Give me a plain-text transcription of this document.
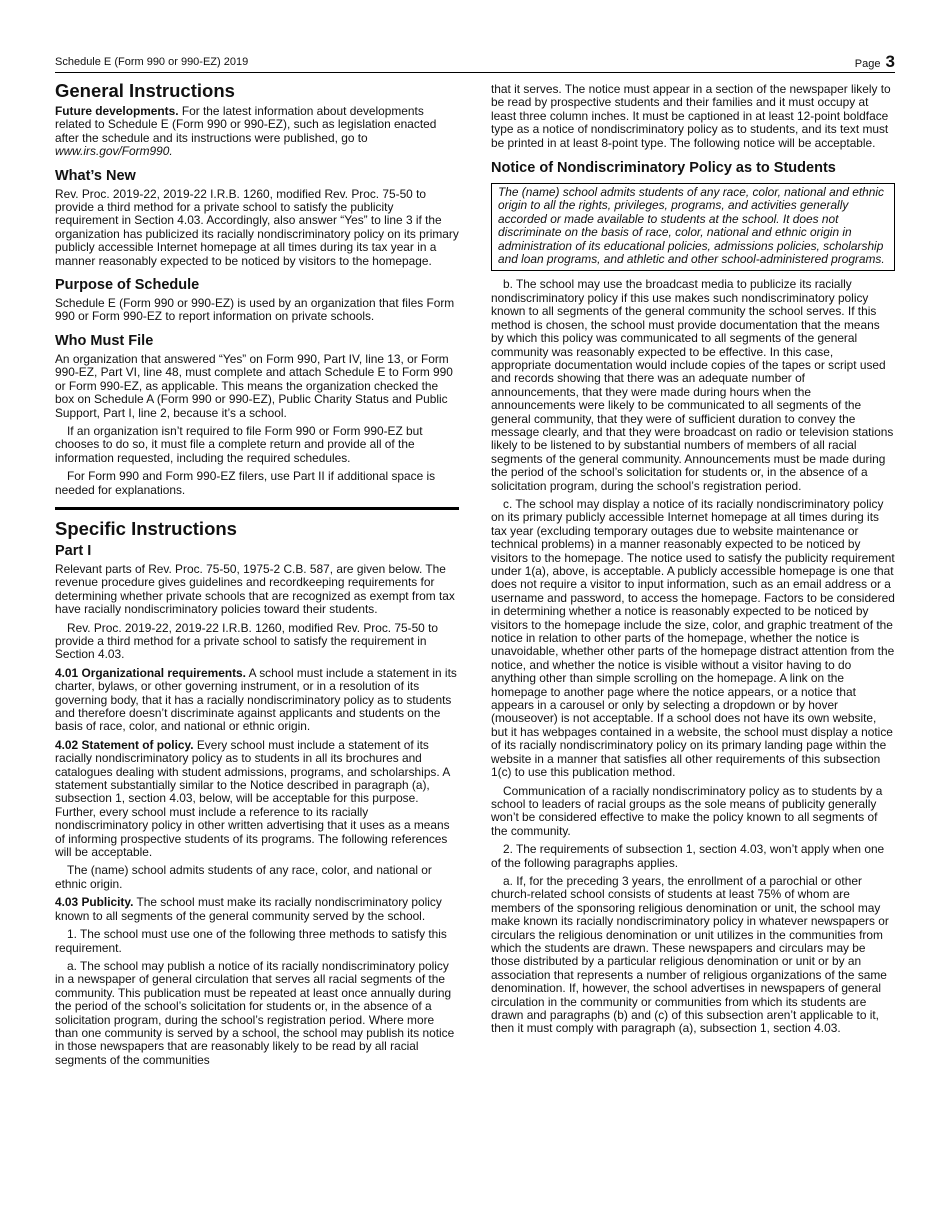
Schedule E (Form 990 or 990-EZ) 2019	Page 3
General Instructions

Future developments. For the latest information about developments related to Schedule E (Form 990 or 990-EZ), such as legislation enacted after the schedule and its instructions were published, go to www.irs.gov/Form990.

What’s New

Rev. Proc. 2019-22, 2019-22 I.R.B. 1260, modified Rev. Proc. 75-50 to provide a third method for a private school to satisfy the publicity requirement in Section 4.03. Accordingly, also answer “Yes” to line 3 if the organization has publicized its racially nondiscriminatory policy on its primary publicly accessible Internet homepage at all times during its tax year in a manner reasonably expected to be noticed by visitors to the homepage.

Purpose of Schedule

Schedule E (Form 990 or 990-EZ) is used by an organization that files Form 990 or Form 990-EZ to report information on private schools.

Who Must File

An organization that answered “Yes” on Form 990, Part IV, line 13, or Form 990-EZ, Part VI, line 48, must complete and attach Schedule E to Form 990 or Form 990-EZ, as applicable. This means the organization checked the box on Schedule A (Form 990 or 990-EZ), Public Charity Status and Public Support, Part I, line 2, because it’s a school.

If an organization isn’t required to file Form 990 or Form 990-EZ but chooses to do so, it must file a complete return and provide all of the information requested, including the required schedules.

For Form 990 and Form 990-EZ filers, use Part II if additional space is needed for explanations.

Specific Instructions
Part I

Relevant parts of Rev. Proc. 75-50, 1975-2 C.B. 587, are given below. The revenue procedure gives guidelines and recordkeeping requirements for determining whether private schools that are recognized as exempt from tax have racially nondiscriminatory policies toward their students.

Rev. Proc. 2019-22, 2019-22 I.R.B. 1260, modified Rev. Proc. 75-50 to provide a third method for a private school to satisfy the requirement in Section 4.03.

4.01 Organizational requirements. A school must include a statement in its charter, bylaws, or other governing instrument, or in a resolution of its governing body, that it has a racially nondiscriminatory policy as to students and therefore doesn’t discriminate against applicants and students on the basis of race, color, and national or ethnic origin.

4.02 Statement of policy. Every school must include a statement of its racially nondiscriminatory policy as to students in all its brochures and catalogues dealing with student admissions, programs, and scholarships. A statement substantially similar to the Notice described in paragraph (a), subsection 1, section 4.03, below, will be acceptable for this purpose. Further, every school must include a reference to its racially nondiscriminatory policy in other written advertising that it uses as a means of informing prospective students of its programs. The following references will be acceptable.

The (name) school admits students of any race, color, and national or ethnic origin.

4.03 Publicity. The school must make its racially nondiscriminatory policy known to all segments of the general community served by the school.

1. The school must use one of the following three methods to satisfy this requirement.

a. The school may publish a notice of its racially nondiscriminatory policy in a newspaper of general circulation that serves all racial segments of the community. This publication must be repeated at least once annually during the period of the school’s solicitation for students or, in the absence of a solicitation program, during the school’s registration period. Where more than one community is served by a school, the school may publish its notice in those newspapers that are reasonably likely to be read by all racial segments of the communities

that it serves. The notice must appear in a section of the newspaper likely to be read by prospective students and their families and it must occupy at least three column inches. It must be captioned in at least 12-point boldface type as a notice of nondiscriminatory policy as to students, and its text must be printed in at least 8-point type. The following notice will be acceptable.

Notice of Nondiscriminatory Policy as to Students
The (name) school admits students of any race, color, national and ethnic origin to all the rights, privileges, programs, and activities generally accorded or made available to students at the school. It does not discriminate on the basis of race, color, national and ethnic origin in administration of its educational policies, admissions policies, scholarship and loan programs, and athletic and other school-administered programs.

b. The school may use the broadcast media to publicize its racially nondiscriminatory policy if this use makes such nondiscriminatory policy known to all segments of the general community the school serves. If this method is chosen, the school must provide documentation that the means by which this policy was communicated to all segments of the general community was reasonably expected to be effective. In this case, appropriate documentation would include copies of the tapes or script used and records showing that there was an adequate number of announcements, that they were made during hours when the announcements were likely to be communicated to all segments of the general community, that they were of sufficient duration to convey the message clearly, and that they were broadcast on radio or television stations likely to be listened to by substantial numbers of members of all racial segments of the general community. Announcements must be made during the period of the school’s solicitation for students or, in the absence of a solicitation program, during the school’s registration period.

c. The school may display a notice of its racially nondiscriminatory policy on its primary publicly accessible Internet homepage at all times during its tax year (excluding temporary outages due to website maintenance or technical problems) in a manner reasonably expected to be noticed by visitors to the homepage. The notice used to satisfy the publicity requirement under 1(a), above, is acceptable. A publicly accessible homepage is one that does not require a visitor to input information, such as an email address or a username and password, to access the homepage. Factors to be considered in determining whether a notice is reasonably expected to be noticed by visitors to the homepage include the size, color, and graphic treatment of the notice in relation to other parts of the homepage, whether the notice is unavoidable, whether other parts of the homepage distract attention from the notice, and whether the notice is visible without a visitor having to do anything other than simple scrolling on the homepage. A link on the homepage to another page where the notice appears, or a notice that appears in a carousel or only by selecting a dropdown or by hover (mouseover) is not acceptable. If a school does not have its own website, but it has webpages contained in a website, the school must display a notice of its racially nondiscriminatory policy on its primary landing page within the website in a manner that satisfies all other requirements of this subsection 1(c) to use this publication method.

Communication of a racially nondiscriminatory policy as to students by a school to leaders of racial groups as the sole means of publicity generally won’t be considered effective to make the policy known to all segments of the community.

2. The requirements of subsection 1, section 4.03, won’t apply when one of the following paragraphs applies.

a. If, for the preceding 3 years, the enrollment of a parochial or other church-related school consists of students at least 75% of whom are members of the sponsoring religious denomination or unit, the school may make known its racially nondiscriminatory policy in whatever newspapers or circulars the religious denomination or unit utilizes in the communities from which the students are drawn. These newspapers and circulars may be those distributed by a particular religious denomination or unit or by an association that represents a number of religious organizations of the same denomination. If, however, the school advertises in newspapers of general circulation in the community or communities from which its students are drawn and paragraphs (b) and (c) of this subsection aren’t applicable to it, then it must comply with paragraph (a), subsection 1, section 4.03.
